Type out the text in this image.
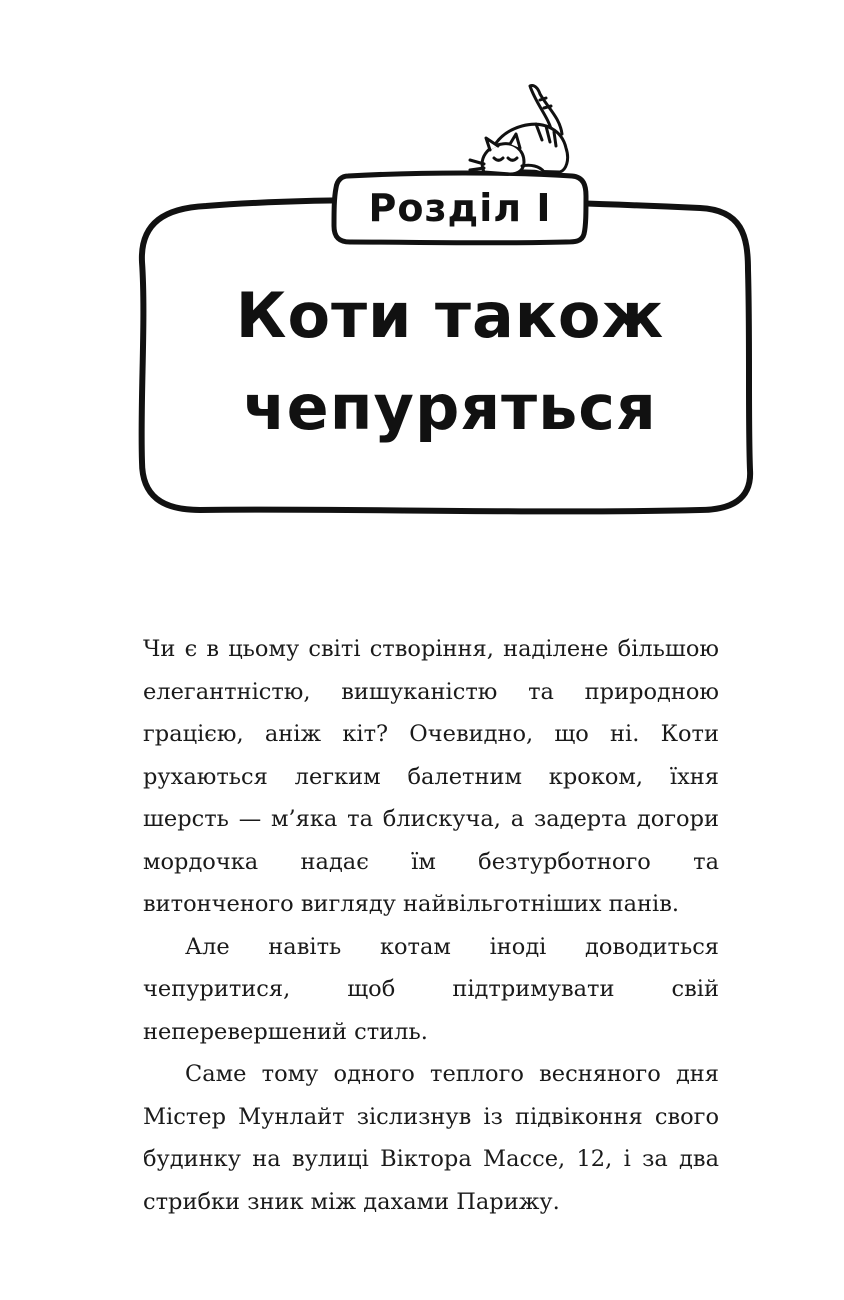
Розділ І
Коти також
чепуряться

Чи є в цьому світі створіння, наділене більшою елегантністю, вишуканістю та природною грацією, аніж кіт? Очевидно, що ні. Коти рухаються легким балетним кроком, їхня шерсть — м’яка та блискуча, а задерта догори мордочка надає їм безтурботного та витонченого вигляду найвільготніших панів.

Але навіть котам іноді доводиться чепуритися, щоб підтримувати свій неперевершений стиль.

Саме тому одного теплого весняного дня Містер Мунлайт зіслизнув із підвіконня свого будинку на вулиці Віктора Массе, 12, і за два стрибки зник між дахами Парижу.
